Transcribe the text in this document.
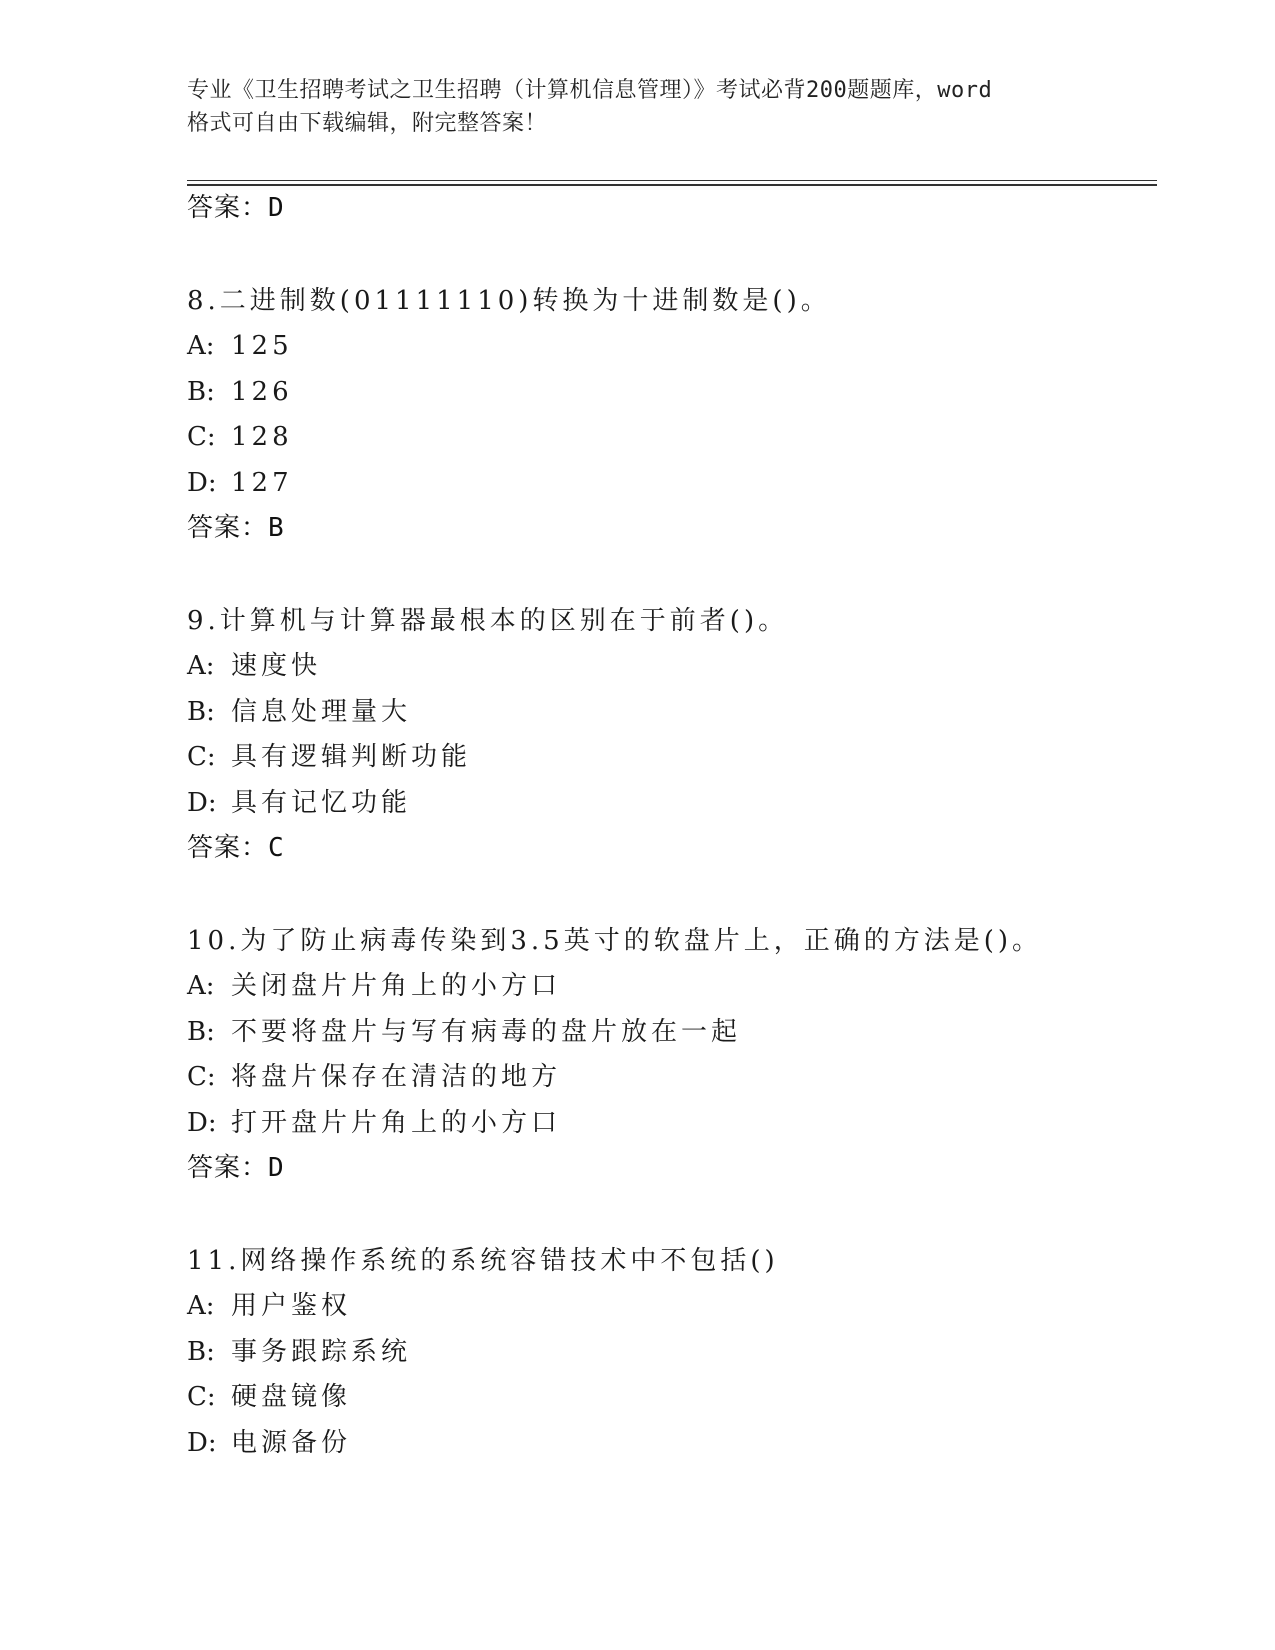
专业《卫生招聘考试之卫生招聘（计算机信息管理）》考试必背200题题库，word
格式可自由下载编辑，附完整答案！
答案：D
8.二进制数(01111110)转换为十进制数是()。
A: 125
B: 126
C: 128
D: 127
答案：B
9.计算机与计算器最根本的区别在于前者()。
A: 速度快
B: 信息处理量大
C: 具有逻辑判断功能
D: 具有记忆功能
答案：C
10.为了防止病毒传染到3.5英寸的软盘片上，正确的方法是()。
A: 关闭盘片片角上的小方口
B: 不要将盘片与写有病毒的盘片放在一起
C: 将盘片保存在清洁的地方
D: 打开盘片片角上的小方口
答案：D
11.网络操作系统的系统容错技术中不包括()
A: 用户鉴权
B: 事务跟踪系统
C: 硬盘镜像
D: 电源备份
